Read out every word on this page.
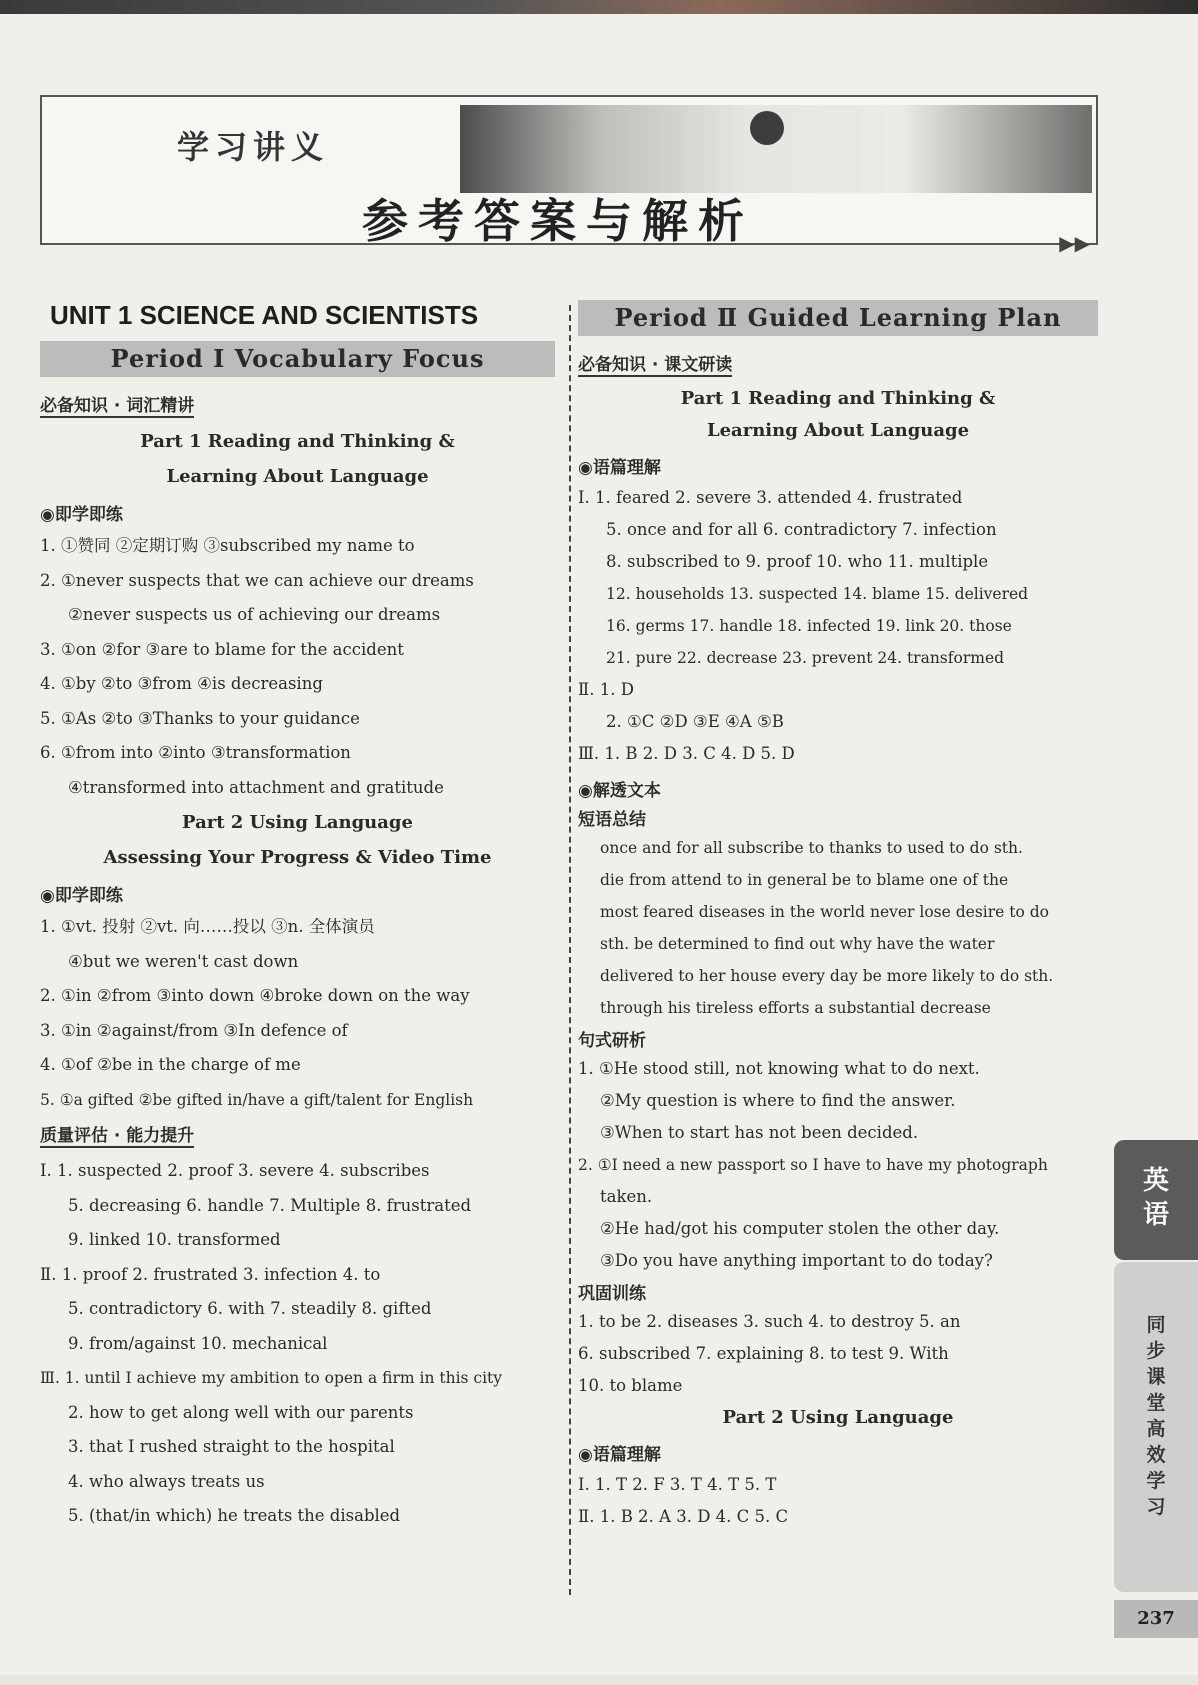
学习讲义
参考答案与解析	▶▶
UNIT 1 SCIENCE AND SCIENTISTS
Period Ⅰ Vocabulary Focus
必备知识 · 词汇精讲
Part 1 Reading and Thinking &
Learning About Language
◉即学即练
1. ①赞同 ②定期订购 ③subscribed my name to
2. ①never suspects that we can achieve our dreams
②never suspects us of achieving our dreams
3. ①on ②for ③are to blame for the accident
4. ①by ②to ③from ④is decreasing
5. ①As ②to ③Thanks to your guidance
6. ①from into ②into ③transformation
④transformed into attachment and gratitude
Part 2 Using Language
Assessing Your Progress & Video Time
◉即学即练
1. ①vt. 投射 ②vt. 向……投以 ③n. 全体演员
④but we weren't cast down
2. ①in ②from ③into down ④broke down on the way
3. ①in ②against/from ③In defence of
4. ①of ②be in the charge of me
5. ①a gifted ②be gifted in/have a gift/talent for English
质量评估 · 能力提升
Ⅰ. 1. suspected 2. proof 3. severe 4. subscribes
5. decreasing 6. handle 7. Multiple 8. frustrated
9. linked 10. transformed
Ⅱ. 1. proof 2. frustrated 3. infection 4. to
5. contradictory 6. with 7. steadily 8. gifted
9. from/against 10. mechanical
Ⅲ. 1. until I achieve my ambition to open a firm in this city
2. how to get along well with our parents
3. that I rushed straight to the hospital
4. who always treats us
5. (that/in which) he treats the disabled
Period Ⅱ Guided Learning Plan
必备知识 · 课文研读
Part 1 Reading and Thinking &
Learning About Language
◉语篇理解
Ⅰ. 1. feared 2. severe 3. attended 4. frustrated
5. once and for all 6. contradictory 7. infection
8. subscribed to 9. proof 10. who 11. multiple
12. households 13. suspected 14. blame 15. delivered
16. germs 17. handle 18. infected 19. link 20. those
21. pure 22. decrease 23. prevent 24. transformed
Ⅱ. 1. D
2. ①C ②D ③E ④A ⑤B
Ⅲ. 1. B 2. D 3. C 4. D 5. D
◉解透文本
短语总结
once and for all subscribe to thanks to used to do sth.
die from attend to in general be to blame one of the
most feared diseases in the world never lose desire to do
sth. be determined to find out why have the water
delivered to her house every day be more likely to do sth.
through his tireless efforts a substantial decrease
句式研析
1. ①He stood still, not knowing what to do next.
②My question is where to find the answer.
③When to start has not been decided.
2. ①I need a new passport so I have to have my photograph
taken.
②He had/got his computer stolen the other day.
③Do you have anything important to do today?
巩固训练
1. to be 2. diseases 3. such 4. to destroy 5. an
6. subscribed 7. explaining 8. to test 9. With
10. to blame
Part 2 Using Language
◉语篇理解
Ⅰ. 1. T 2. F 3. T 4. T 5. T
Ⅱ. 1. B 2. A 3. D 4. C 5. C
英语
同步课堂 高效学习
237
